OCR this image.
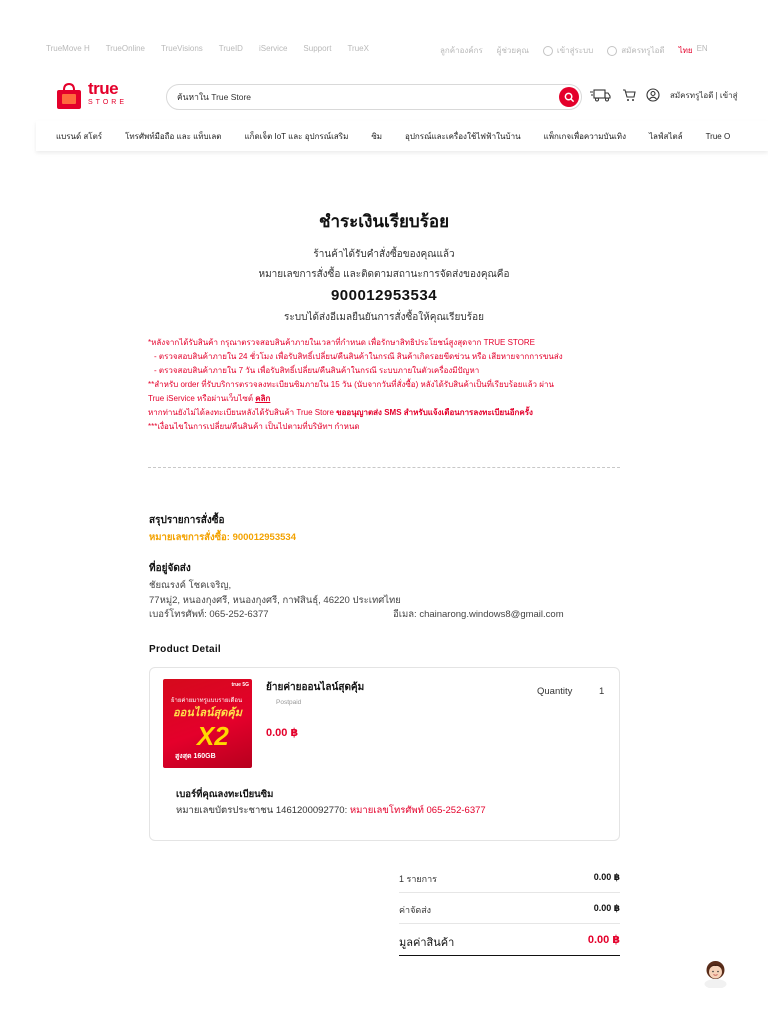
TrueMove H TrueOnline TrueVisions TrueID iService Support TrueX	ลูกค้าองค์กร ผู้ช่วยคุณ	เข้าสู่ระบบ	สมัครทรูไอดี ไทย EN
true
STORE
ค้นหาใน True Store
สมัครทรูไอดี | เข้าสู่
แบรนด์ สโตร์	โทรศัพท์มือถือ และ แท็บเลต	แก็ดเจ็ต IoT และ อุปกรณ์เสริม	ซิม	อุปกรณ์และเครื่องใช้ไฟฟ้าในบ้าน	แพ็กเกจเพื่อความบันเทิง	ไลฟ์สไตล์	True O
ชำระเงินเรียบร้อย
ร้านค้าได้รับคำสั่งซื้อของคุณแล้ว
หมายเลขการสั่งซื้อ และติดตามสถานะการจัดส่งของคุณคือ
900012953534
ระบบได้ส่งอีเมลยืนยันการสั่งซื้อให้คุณเรียบร้อย
*หลังจากได้รับสินค้า กรุณาตรวจสอบสินค้าภายในเวลาที่กำหนด เพื่อรักษาสิทธิประโยชน์สูงสุดจาก TRUE STORE
- ตรวจสอบสินค้าภายใน 24 ชั่วโมง เพื่อรับสิทธิ์เปลี่ยน/คืนสินค้าในกรณี สินค้าเกิดรอยขีดข่วน หรือ เสียหายจากการขนส่ง
- ตรวจสอบสินค้าภายใน 7 วัน เพื่อรับสิทธิ์เปลี่ยน/คืนสินค้าในกรณี ระบบภายในตัวเครื่องมีปัญหา
**สำหรับ order ที่รับบริการตรวจลงทะเบียนซิมภายใน 15 วัน (นับจากวันที่สั่งซื้อ) หลังได้รับสินค้าเป็นที่เรียบร้อยแล้ว ผ่าน
True iService หรือผ่านเว็บไซต์ คลิก
หากท่านยังไม่ได้ลงทะเบียนหลังได้รับสินค้า True Store ขออนุญาตส่ง SMS สำหรับแจ้งเตือนการลงทะเบียนอีกครั้ง
***เงื่อนไขในการเปลี่ยน/คืนสินค้า เป็นไปตามที่บริษัทฯ กำหนด
สรุปรายการสั่งซื้อ
หมายเลขการสั่งซื้อ: 900012953534
ที่อยู่จัดส่ง
ชัยณรงค์ โชคเจริญ,
77หมู่2, หนองกุงศรี, หนองกุงศรี, กาฬสินธุ์, 46220 ประเทศไทย
เบอร์โทรศัพท์: 065-252-6377	อีเมล: chainarong.windows8@gmail.com
Product Detail
true 5G
ย้ายค่ายมาทรูแบบรายเดือน
ออนไลน์สุดคุ้ม
X2
สูงสุด 160GB
ย้ายค่ายออนไลน์สุดคุ้ม
Postpaid
0.00 ฿
Quantity	1
เบอร์ที่คุณลงทะเบียนซิม
หมายเลขบัตรประชาชน 1461200092770: หมายเลขโทรศัพท์ 065-252-6377
1 รายการ	0.00 ฿
ค่าจัดส่ง	0.00 ฿
มูลค่าสินค้า	0.00 ฿
